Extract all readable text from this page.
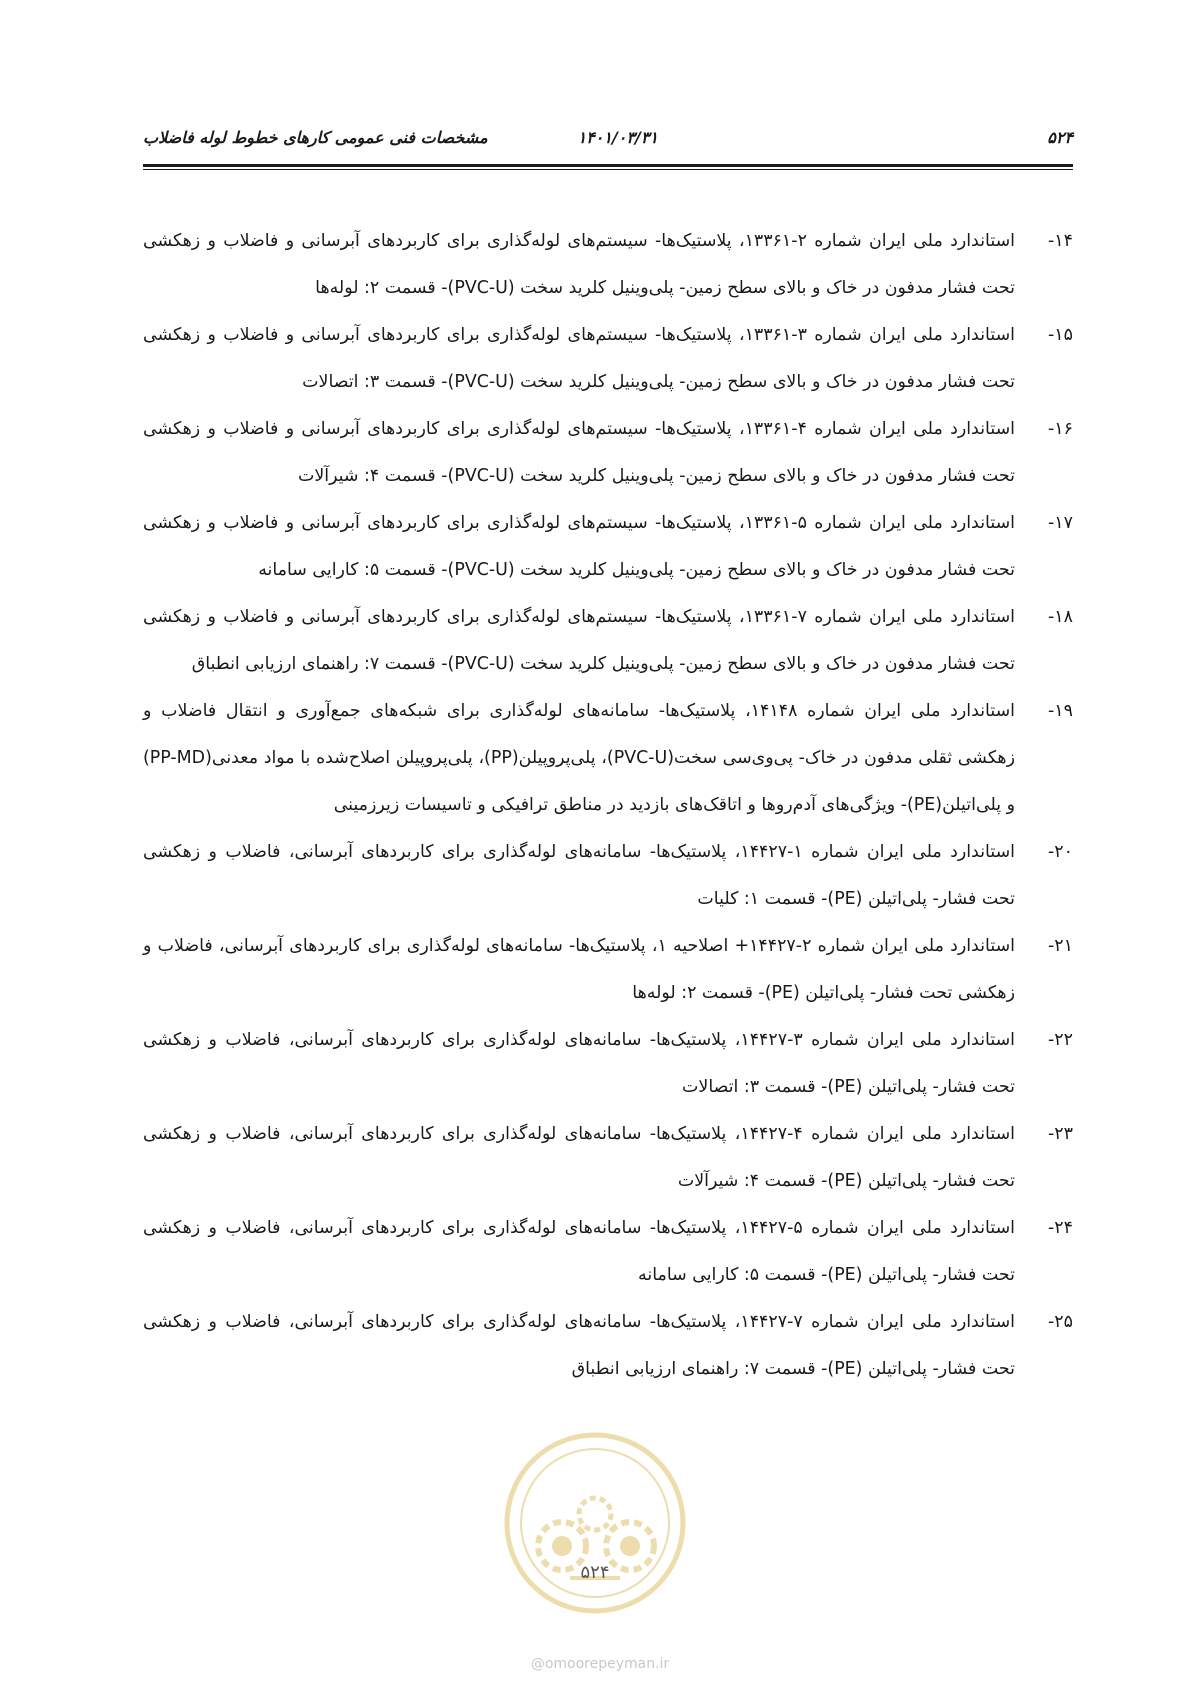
۵۲۴
۱۴۰۱/۰۳/۳۱
مشخصات فنی عمومی کارهای خطوط لوله فاضلاب
-۱۴
استاندارد ملی ایران شماره ۲-۱۳۳۶۱، پلاستیک‌ها- سیستم‌های لوله‌گذاری برای کاربردهای آبرسانی و فاضلاب و زهکشی تحت فشار مدفون در خاک و بالای سطح زمین- پلی‌وینیل کلرید سخت (PVC-U)- قسمت ۲: لوله‌ها
-۱۵
استاندارد ملی ایران شماره ۳-۱۳۳۶۱، پلاستیک‌ها- سیستم‌های لوله‌گذاری برای کاربردهای آبرسانی و فاضلاب و زهکشی تحت فشار مدفون در خاک و بالای سطح زمین- پلی‌وینیل کلرید سخت (PVC-U)- قسمت ۳: اتصالات
-۱۶
استاندارد ملی ایران شماره ۴-۱۳۳۶۱، پلاستیک‌ها- سیستم‌های لوله‌گذاری برای کاربردهای آبرسانی و فاضلاب و زهکشی تحت فشار مدفون در خاک و بالای سطح زمین- پلی‌وینیل کلرید سخت (PVC-U)- قسمت ۴: شیرآلات
-۱۷
استاندارد ملی ایران شماره ۵-۱۳۳۶۱، پلاستیک‌ها- سیستم‌های لوله‌گذاری برای کاربردهای آبرسانی و فاضلاب و زهکشی تحت فشار مدفون در خاک و بالای سطح زمین- پلی‌وینیل کلرید سخت (PVC-U)- قسمت ۵: کارایی سامانه
-۱۸
استاندارد ملی ایران شماره ۷-۱۳۳۶۱، پلاستیک‌ها- سیستم‌های لوله‌گذاری برای کاربردهای آبرسانی و فاضلاب و زهکشی تحت فشار مدفون در خاک و بالای سطح زمین- پلی‌وینیل کلرید سخت (PVC-U)- قسمت ۷: راهنمای ارزیابی انطباق
-۱۹
استاندارد ملی ایران شماره ۱۴۱۴۸، پلاستیک‌ها- سامانه‌های لوله‌گذاری برای شبکه‌های جمع‌آوری و انتقال فاضلاب و زهکشی ثقلی مدفون در خاک- پی‌وی‌سی سخت(PVC-U)، پلی‌پروپیلن(PP)، پلی‌پروپیلن اصلاح‌شده با مواد معدنی(PP-MD) و پلی‌اتیلن(PE)- ویژگی‌های آدم‌روها و اتاقک‌های بازدید در مناطق ترافیکی و تاسیسات زیرزمینی
-۲۰
استاندارد ملی ایران شماره ۱-۱۴۴۲۷، پلاستیک‌ها- سامانه‌های لوله‌گذاری برای کاربردهای آبرسانی، فاضلاب و زهکشی تحت فشار- پلی‌اتیلن (PE)- قسمت ۱: کلیات
-۲۱
استاندارد ملی ایران شماره ۲-۱۴۴۲۷+ اصلاحیه ۱، پلاستیک‌ها- سامانه‌های لوله‌گذاری برای کاربردهای آبرسانی، فاضلاب و زهکشی تحت فشار- پلی‌اتیلن (PE)- قسمت ۲: لوله‌ها
-۲۲
استاندارد ملی ایران شماره ۳-۱۴۴۲۷، پلاستیک‌ها- سامانه‌های لوله‌گذاری برای کاربردهای آبرسانی، فاضلاب و زهکشی تحت فشار- پلی‌اتیلن (PE)- قسمت ۳: اتصالات
-۲۳
استاندارد ملی ایران شماره ۴-۱۴۴۲۷، پلاستیک‌ها- سامانه‌های لوله‌گذاری برای کاربردهای آبرسانی، فاضلاب و زهکشی تحت فشار- پلی‌اتیلن (PE)- قسمت ۴: شیرآلات
-۲۴
استاندارد ملی ایران شماره ۵-۱۴۴۲۷، پلاستیک‌ها- سامانه‌های لوله‌گذاری برای کاربردهای آبرسانی، فاضلاب و زهکشی تحت فشار- پلی‌اتیلن (PE)- قسمت ۵: کارایی سامانه
-۲۵
استاندارد ملی ایران شماره ۷-۱۴۴۲۷، پلاستیک‌ها- سامانه‌های لوله‌گذاری برای کاربردهای آبرسانی، فاضلاب و زهکشی تحت فشار- پلی‌اتیلن (PE)- قسمت ۷: راهنمای ارزیابی انطباق
۵۲۴
@omoorepeyman.ir
